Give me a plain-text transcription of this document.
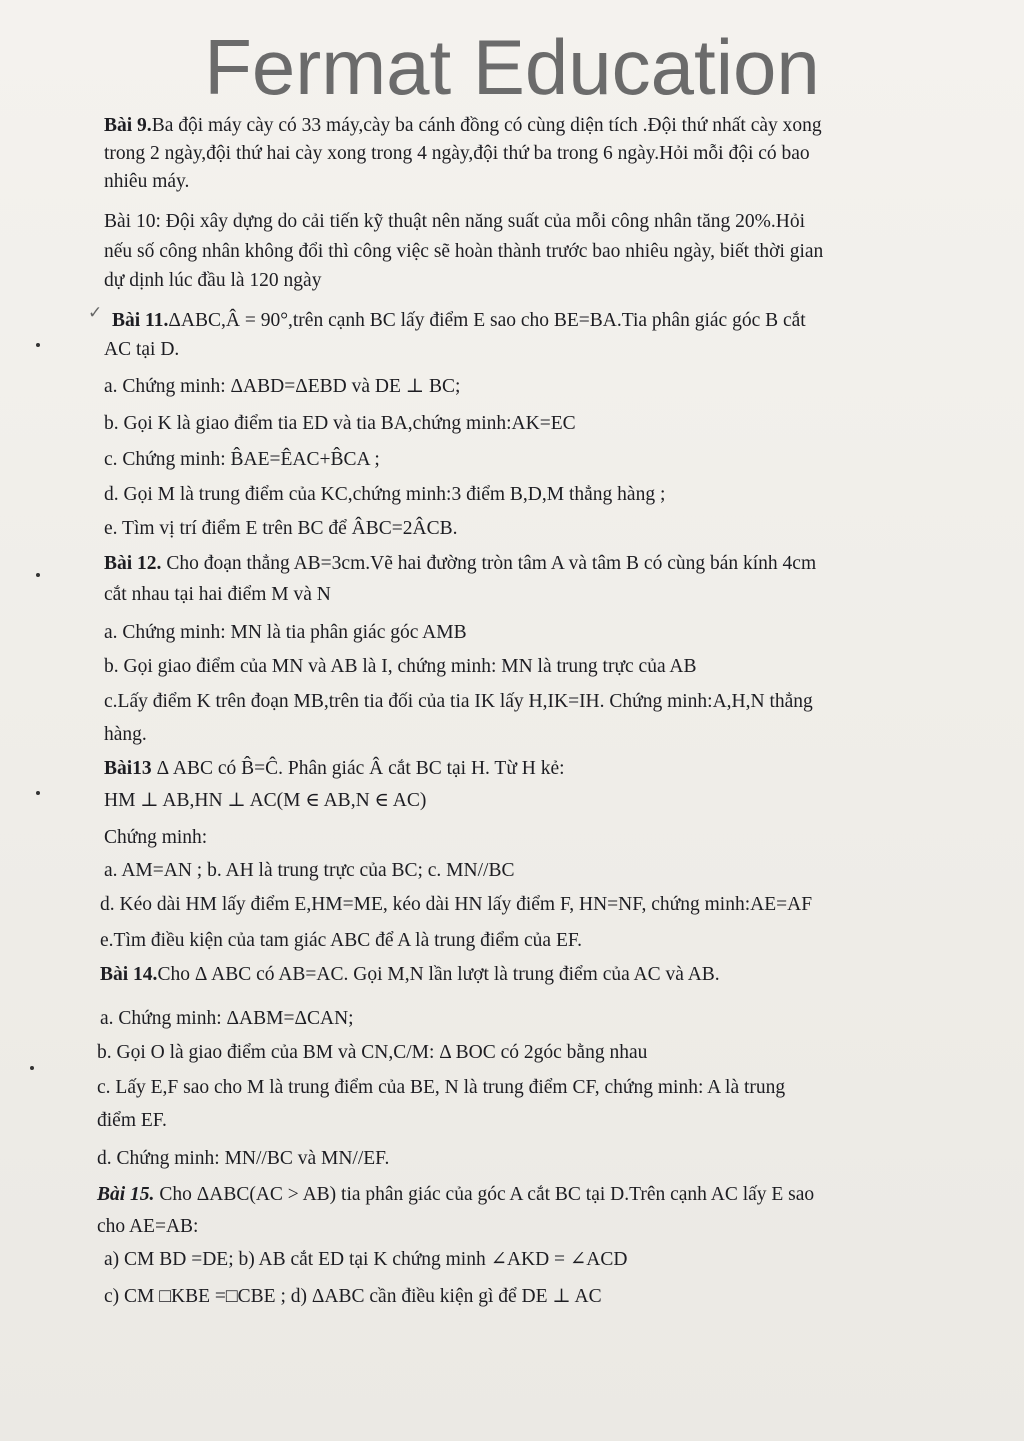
Fermat Education
✓
Bài 9.Ba đội máy cày có 33 máy,cày ba cánh đồng có cùng diện tích .Đội thứ nhất cày xong
trong 2 ngày,đội thứ hai cày xong trong 4 ngày,đội thứ ba trong 6 ngày.Hỏi mỗi đội có bao
nhiêu máy.
Bài 10: Đội xây dựng do cải tiến kỹ thuật nên năng suất của mỗi công nhân tăng 20%.Hỏi
nếu số công nhân không đổi thì công việc sẽ hoàn thành trước bao nhiêu ngày, biết thời gian
dự dịnh lúc đầu là 120 ngày
Bài 11.ΔABC,Â = 90°,trên cạnh BC lấy điểm E sao cho BE=BA.Tia phân giác góc B cắt
AC tại D.
a. Chứng minh: ΔABD=ΔEBD và DE ⊥ BC;
b. Gọi K là giao điểm tia ED và tia BA,chứng minh:AK=EC
c. Chứng minh: B̂AE=ÊAC+B̂CA ;
d. Gọi M là trung điểm của KC,chứng minh:3 điểm B,D,M thẳng hàng ;
e. Tìm vị trí điểm E trên BC để ÂBC=2ÂCB.
Bài 12. Cho đoạn thẳng AB=3cm.Vẽ hai đường tròn tâm A và tâm B có cùng bán kính 4cm
cắt nhau tại hai điểm M và N
a. Chứng minh: MN là tia phân giác góc AMB
b. Gọi giao điểm của MN và AB là I, chứng minh: MN là trung trực của AB
c.Lấy điểm K trên đoạn MB,trên tia đối của tia IK lấy H,IK=IH. Chứng minh:A,H,N thẳng
hàng.
Bài13 Δ ABC có B̂=Ĉ. Phân giác Â cắt BC tại H. Từ H kẻ:
HM ⊥ AB,HN ⊥ AC(M ∈ AB,N ∈ AC)
Chứng minh:
a. AM=AN ; b. AH là trung trực của BC; c. MN//BC
d. Kéo dài HM lấy điểm E,HM=ME, kéo dài HN lấy điểm F, HN=NF, chứng minh:AE=AF
e.Tìm điều kiện của tam giác ABC để A là trung điểm của EF.
Bài 14.Cho Δ ABC có AB=AC. Gọi M,N lần lượt là trung điểm của AC và AB.
a. Chứng minh: ΔABM=ΔCAN;
b. Gọi O là giao điểm của BM và CN,C/M: Δ BOC có 2góc bằng nhau
c. Lấy E,F sao cho M là trung điểm của BE, N là trung điểm CF, chứng minh: A là trung
điểm EF.
d. Chứng minh: MN//BC và MN//EF.
Bài 15. Cho ΔABC(AC > AB) tia phân giác của góc A cắt BC tại D.Trên cạnh AC lấy E sao
cho AE=AB:
a) CM BD =DE; b) AB cắt ED tại K chứng minh ∠AKD = ∠ACD
c) CM □KBE =□CBE ; d) ΔABC cần điều kiện gì để DE ⊥ AC
